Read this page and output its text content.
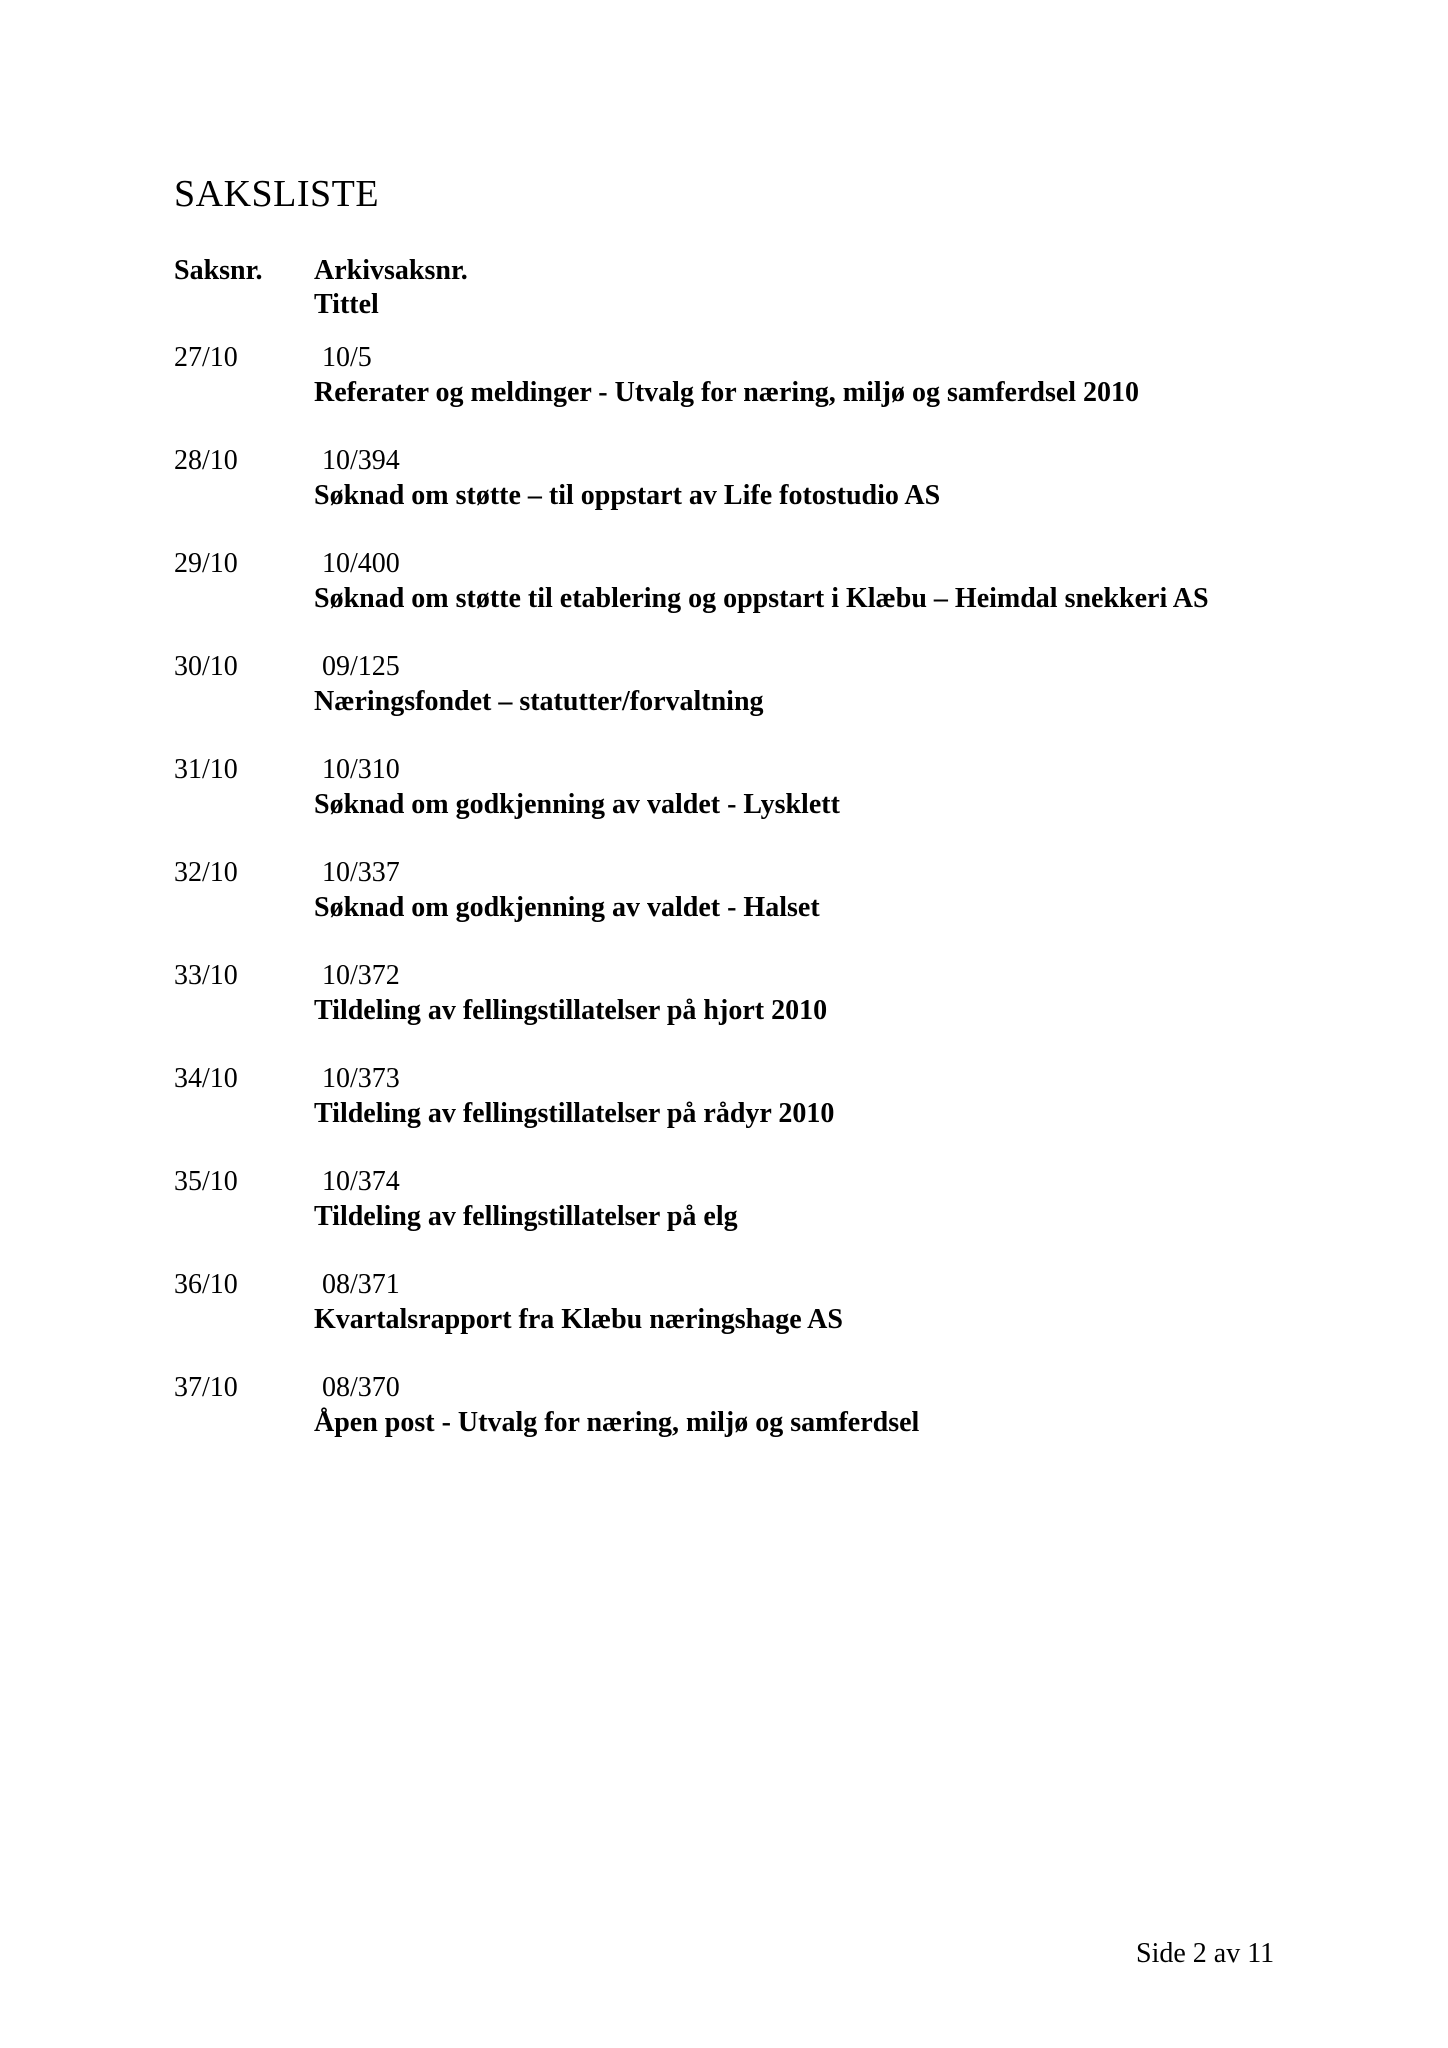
SAKSLISTE
Saksnr. Arkivsaksnr.
Tittel
27/10	10/5
Referater og meldinger - Utvalg for næring, miljø og samferdsel 2010
28/10	10/394
Søknad om støtte – til oppstart av Life fotostudio AS
29/10	10/400
Søknad om støtte til etablering og oppstart i Klæbu – Heimdal snekkeri AS
30/10	09/125
Næringsfondet – statutter/forvaltning
31/10	10/310
Søknad om godkjenning av valdet - Lysklett
32/10	10/337
Søknad om godkjenning av valdet - Halset
33/10	10/372
Tildeling av fellingstillatelser på hjort 2010
34/10	10/373
Tildeling av fellingstillatelser på rådyr 2010
35/10	10/374
Tildeling av fellingstillatelser på elg
36/10	08/371
Kvartalsrapport fra Klæbu næringshage AS
37/10	08/370
Åpen post - Utvalg for næring, miljø og samferdsel
Side 2 av 11
